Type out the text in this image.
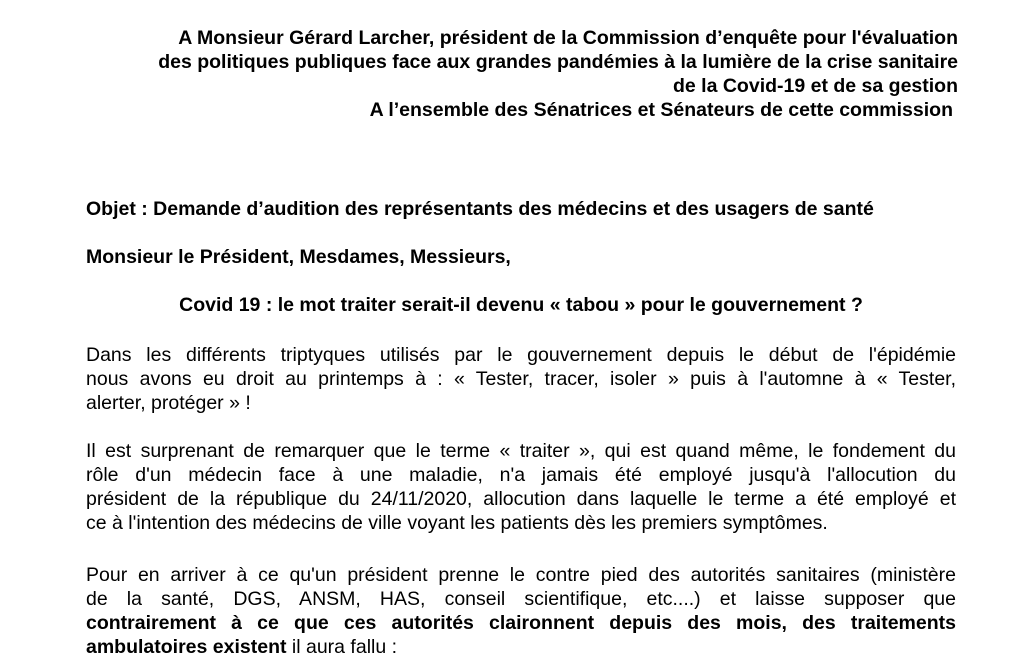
A Monsieur Gérard Larcher, président de la Commission d’enquête pour l'évaluation
des politiques publiques face aux grandes pandémies à la lumière de la crise sanitaire
de la Covid-19 et de sa gestion
A l’ensemble des Sénatrices et Sénateurs de cette commission
Objet : Demande d’audition des représentants des médecins et des usagers de santé
Monsieur le Président, Mesdames, Messieurs,
Covid 19 : le mot traiter serait-il devenu « tabou » pour le gouvernement ?
Dans les différents triptyques utilisés par le gouvernement depuis le début de l'épidémie
nous avons eu droit au printemps à : « Tester, tracer, isoler » puis à l'automne à « Tester,
alerter, protéger » !
Il est surprenant de remarquer que le terme « traiter », qui est quand même, le fondement du
rôle d'un médecin face à une maladie, n'a jamais été employé jusqu'à l'allocution du
président de la république du 24/11/2020, allocution dans laquelle le terme a été employé et
ce à l'intention des médecins de ville voyant les patients dès les premiers symptômes.
Pour en arriver à ce qu'un président prenne le contre pied des autorités sanitaires (ministère
de la santé, DGS, ANSM, HAS, conseil scientifique, etc....) et laisse supposer que
contrairement à ce que ces autorités claironnent depuis des mois, des traitements
ambulatoires existent il aura fallu :
